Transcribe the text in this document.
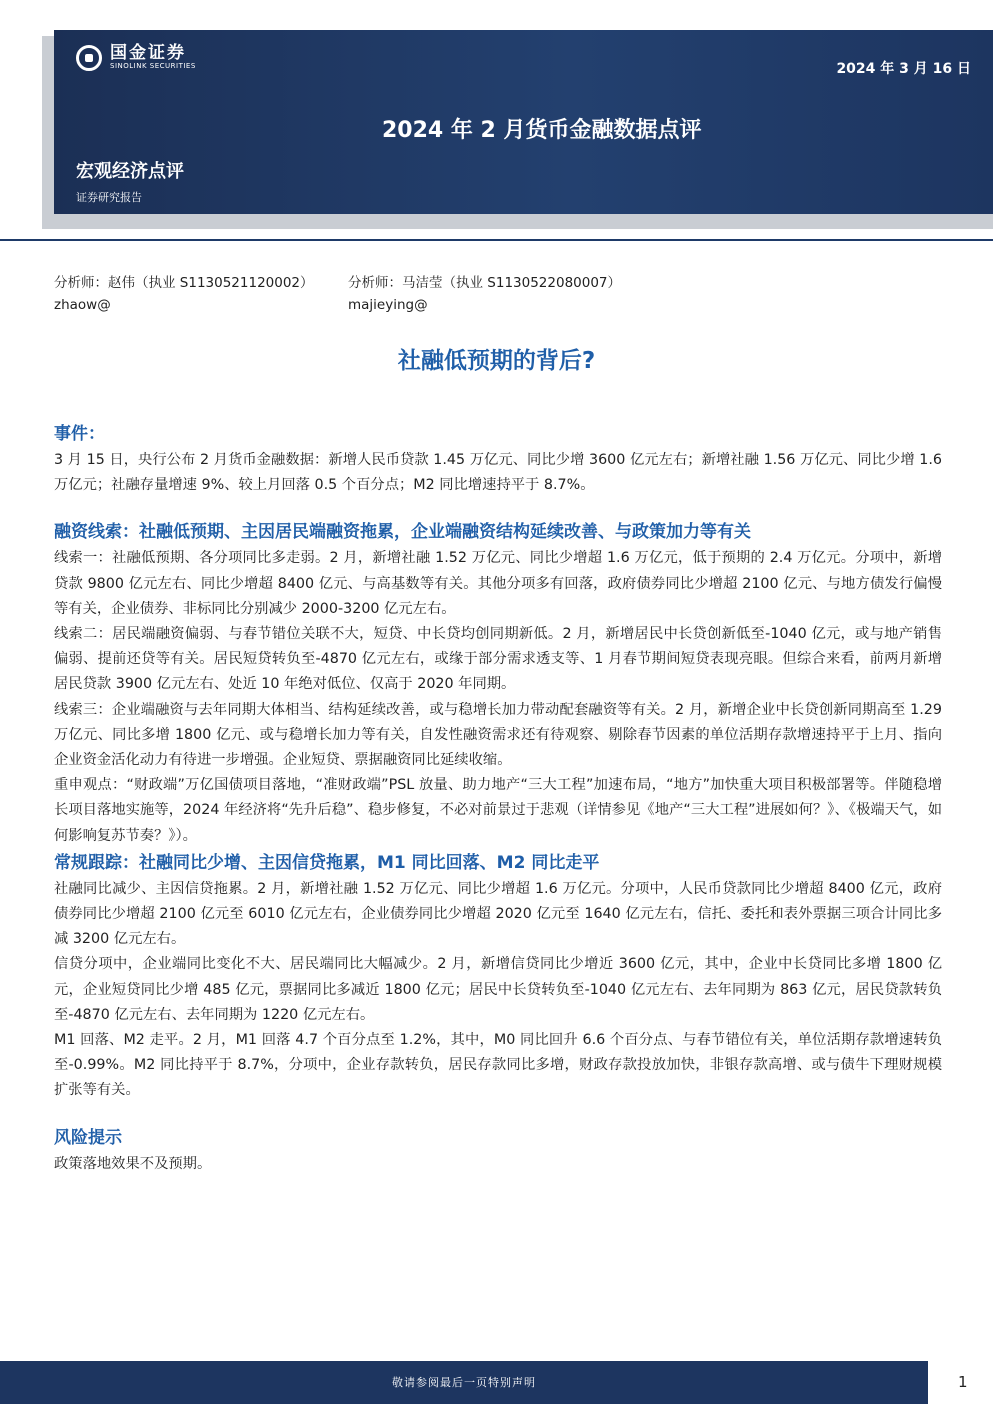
国金证券
SINOLINK SECURITIES	2024 年 3 月 16 日
2024 年 2 月货币金融数据点评
宏观经济点评
证券研究报告
分析师：赵伟（执业 S1130521120002）
zhaow@
分析师：马洁莹（执业 S1130522080007）
majieying@
社融低预期的背后?
事件：

3 月 15 日，央行公布 2 月货币金融数据：新增人民币贷款 1.45 万亿元、同比少增 3600 亿元左右；新增社融 1.56 万亿元、同比少增 1.6 万亿元；社融存量增速 9%、较上月回落 0.5 个百分点；M2 同比增速持平于 8.7%。

融资线索：社融低预期、主因居民端融资拖累，企业端融资结构延续改善、与政策加力等有关

线索一：社融低预期、各分项同比多走弱。2 月，新增社融 1.52 万亿元、同比少增超 1.6 万亿元，低于预期的 2.4 万亿元。分项中，新增贷款 9800 亿元左右、同比少增超 8400 亿元、与高基数等有关。其他分项多有回落，政府债券同比少增超 2100 亿元、与地方债发行偏慢等有关，企业债券、非标同比分别减少 2000-3200 亿元左右。

线索二：居民端融资偏弱、与春节错位关联不大，短贷、中长贷均创同期新低。2 月，新增居民中长贷创新低至-1040 亿元，或与地产销售偏弱、提前还贷等有关。居民短贷转负至-4870 亿元左右，或缘于部分需求透支等、1 月春节期间短贷表现亮眼。但综合来看，前两月新增居民贷款 3900 亿元左右、处近 10 年绝对低位、仅高于 2020 年同期。

线索三：企业端融资与去年同期大体相当、结构延续改善，或与稳增长加力带动配套融资等有关。2 月，新增企业中长贷创新同期高至 1.29 万亿元、同比多增 1800 亿元、或与稳增长加力等有关，自发性融资需求还有待观察、剔除春节因素的单位活期存款增速持平于上月、指向企业资金活化动力有待进一步增强。企业短贷、票据融资同比延续收缩。

重申观点：“财政端”万亿国债项目落地，“准财政端”PSL 放量、助力地产“三大工程”加速布局，“地方”加快重大项目积极部署等。伴随稳增长项目落地实施等，2024 年经济将“先升后稳”、稳步修复，不必对前景过于悲观（详情参见《地产“三大工程”进展如何？》、《极端天气，如何影响复苏节奏？》）。

常规跟踪：社融同比少增、主因信贷拖累，M1 同比回落、M2 同比走平

社融同比减少、主因信贷拖累。2 月，新增社融 1.52 万亿元、同比少增超 1.6 万亿元。分项中，人民币贷款同比少增超 8400 亿元，政府债券同比少增超 2100 亿元至 6010 亿元左右，企业债券同比少增超 2020 亿元至 1640 亿元左右，信托、委托和表外票据三项合计同比多减 3200 亿元左右。

信贷分项中，企业端同比变化不大、居民端同比大幅减少。2 月，新增信贷同比少增近 3600 亿元，其中，企业中长贷同比多增 1800 亿元，企业短贷同比少增 485 亿元，票据同比多减近 1800 亿元；居民中长贷转负至-1040 亿元左右、去年同期为 863 亿元，居民贷款转负至-4870 亿元左右、去年同期为 1220 亿元左右。

M1 回落、M2 走平。2 月，M1 回落 4.7 个百分点至 1.2%，其中，M0 同比回升 6.6 个百分点、与春节错位有关，单位活期存款增速转负至-0.99%。M2 同比持平于 8.7%，分项中，企业存款转负，居民存款同比多增，财政存款投放加快，非银存款高增、或与债牛下理财规模扩张等有关。

风险提示

政策落地效果不及预期。

敬请参阅最后一页特别声明	1
